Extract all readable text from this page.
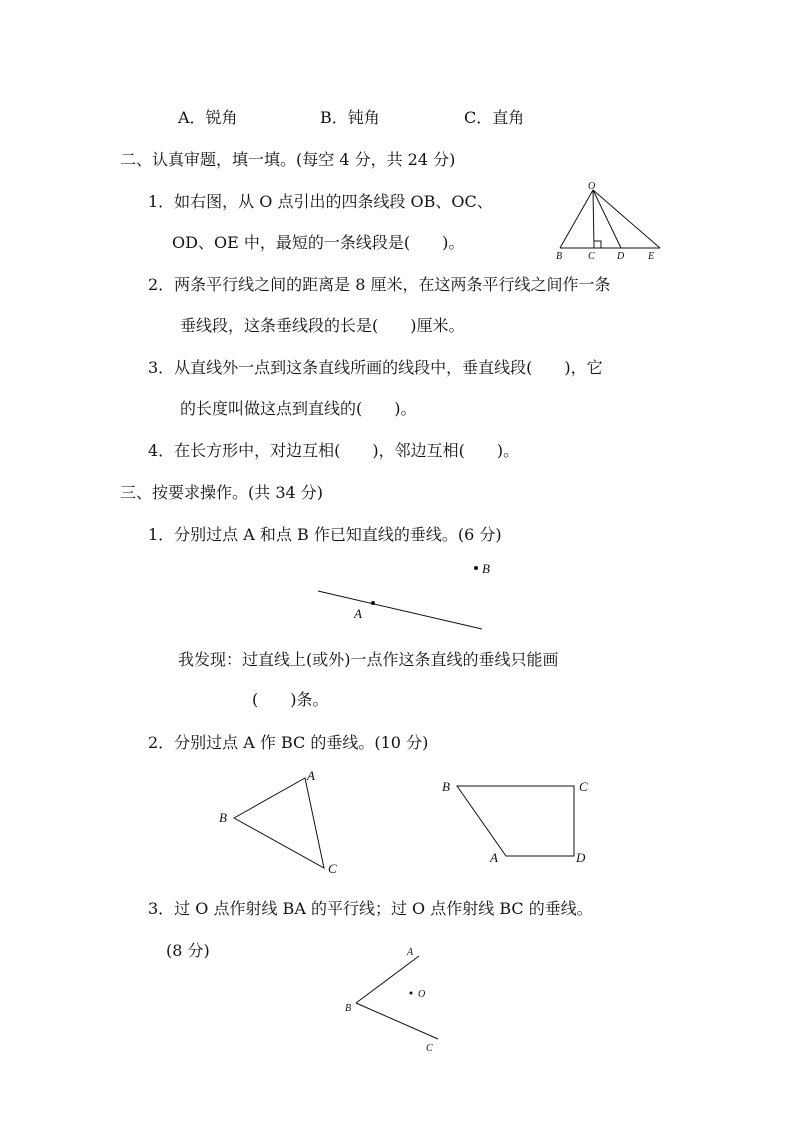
A．锐角	B．钝角	C．直角
二、认真审题，填一填。(每空 4 分，共 24 分)
1．如右图，从 O 点引出的四条线段 OB、OC、
OD、OE 中，最短的一条线段是(　　)。
O
B	C D E
2．两条平行线之间的距离是 8 厘米，在这两条平行线之间作一条
垂线段，这条垂线段的长是(　　)厘米。
3．从直线外一点到这条直线所画的线段中，垂直线段(　　)，它
的长度叫做这点到直线的(　　)。
4．在长方形中，对边互相(　　)，邻边互相(　　)。
三、按要求操作。(共 34 分)
1．分别过点 A 和点 B 作已知直线的垂线。(6 分)
A
B
我发现：过直线上(或外)一点作这条直线的垂线只能画
(　　)条。
2．分别过点 A 作 BC 的垂线。(10 分)
A
B
C
B	C
A	D
3．过 O 点作射线 BA 的平行线；过 O 点作射线 BC 的垂线。
(8 分)	A
B
C
O
